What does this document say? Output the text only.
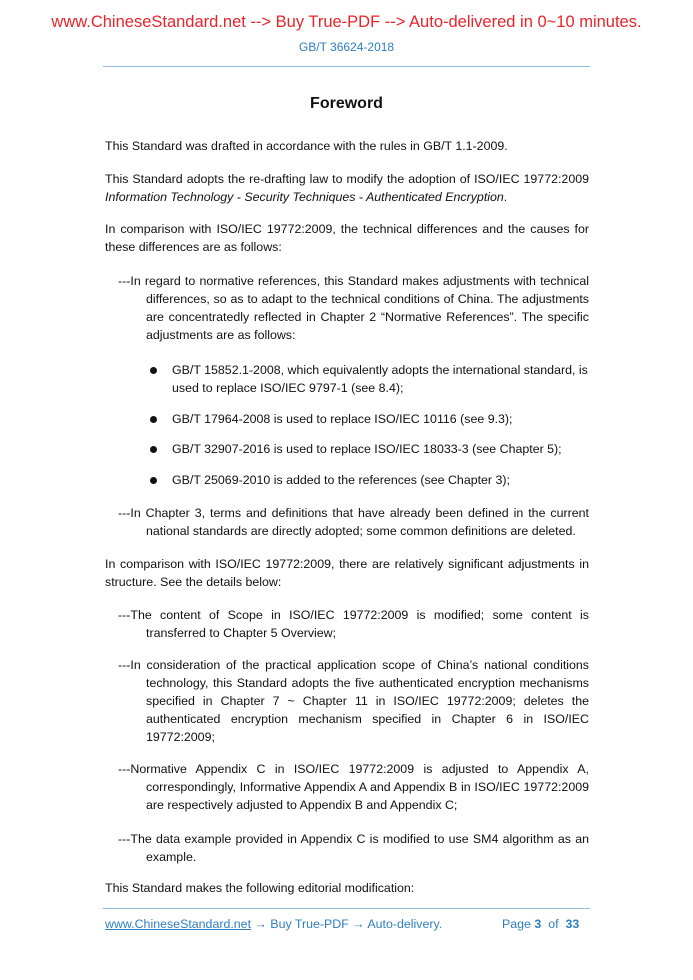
www.ChineseStandard.net --> Buy True-PDF --> Auto-delivered in 0~10 minutes.
GB/T 36624-2018
Foreword
This Standard was drafted in accordance with the rules in GB/T 1.1-2009.
This Standard adopts the re-drafting law to modify the adoption of ISO/IEC 19772:2009 Information Technology - Security Techniques - Authenticated Encryption.
In comparison with ISO/IEC 19772:2009, the technical differences and the causes for these differences are as follows:
---In regard to normative references, this Standard makes adjustments with technical differences, so as to adapt to the technical conditions of China. The adjustments are concentratedly reflected in Chapter 2 “Normative References”. The specific adjustments are as follows:
GB/T 15852.1-2008, which equivalently adopts the international standard, is used to replace ISO/IEC 9797-1 (see 8.4);
GB/T 17964-2008 is used to replace ISO/IEC 10116 (see 9.3);
GB/T 32907-2016 is used to replace ISO/IEC 18033-3 (see Chapter 5);
GB/T 25069-2010 is added to the references (see Chapter 3);
---In Chapter 3, terms and definitions that have already been defined in the current national standards are directly adopted; some common definitions are deleted.
In comparison with ISO/IEC 19772:2009, there are relatively significant adjustments in structure. See the details below:
---The content of Scope in ISO/IEC 19772:2009 is modified; some content is transferred to Chapter 5 Overview;
---In consideration of the practical application scope of China’s national conditions technology, this Standard adopts the five authenticated encryption mechanisms specified in Chapter 7 ~ Chapter 11 in ISO/IEC 19772:2009; deletes the authenticated encryption mechanism specified in Chapter 6 in ISO/IEC 19772:2009;
---Normative Appendix C in ISO/IEC 19772:2009 is adjusted to Appendix A, correspondingly, Informative Appendix A and Appendix B in ISO/IEC 19772:2009 are respectively adjusted to Appendix B and Appendix C;
---The data example provided in Appendix C is modified to use SM4 algorithm as an example.
This Standard makes the following editorial modification:
www.ChineseStandard.net → Buy True-PDF → Auto-delivery.	Page 3 of 33
